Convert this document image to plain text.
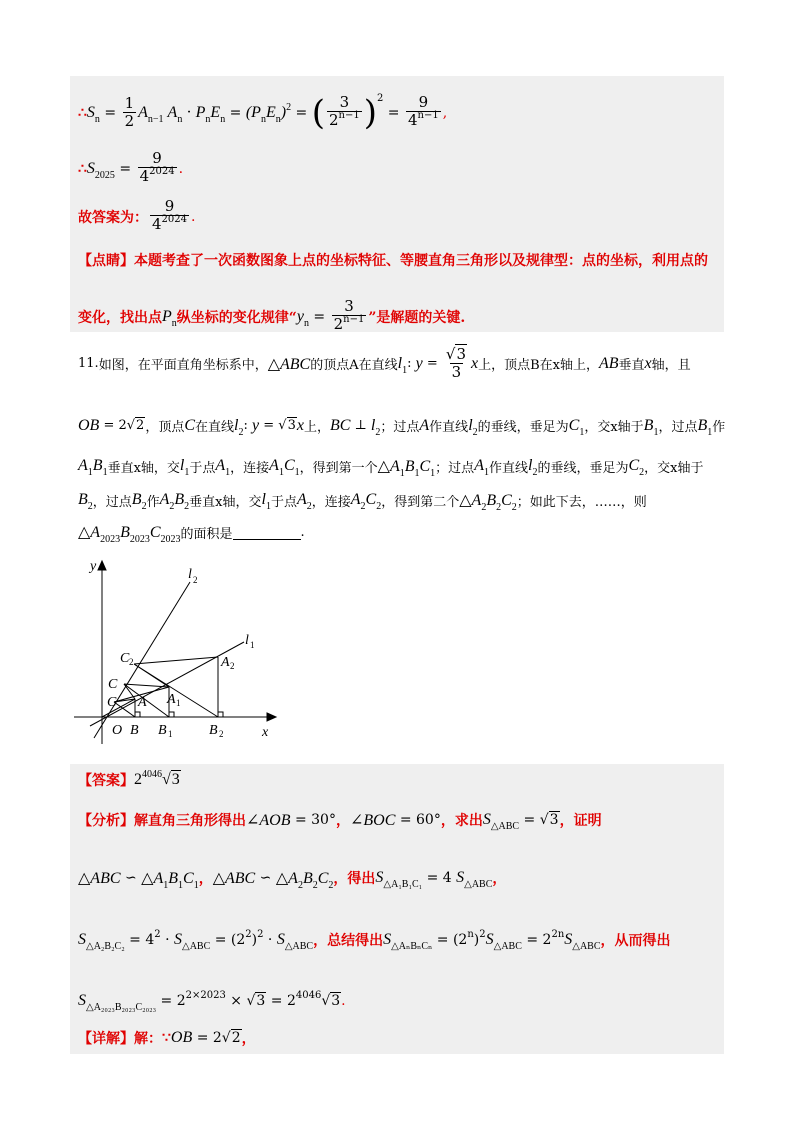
∴ $S_n = \frac{1}{2} A_{n-1}$ $A_n \cdot P_nE_n = (P_nE_n)^2$ = ( $\frac{3}{2^{n-1}}$ ) 2
= $\frac{9}{4^{n-1}}$ ,
∴ $S_{2025} = \frac{9}{4^{2024}}$ .
故答案为： $\frac{9}{4^{2024}}$ .
【点睛】 本题考查了一次函数图象上点的坐标特征、等腰直角三角形以及规律型：点的坐标，利用点的
变化，找出点 $P_n$ 纵坐标的变化规律“ $y_n = \frac{3}{2^{n-1}}$ ”是解题的关键.
11. 如图，在平面直角坐标系中， △ABC 的顶点A在直线 $l_1$ : $y = \frac{√3}{3}$ x 上，顶点B在x轴上， AB 垂直 x 轴，且
OB = 2√2 ，顶点 C 在直线 $l_2$ : y = √3 x 上， BC ⊥ $l_2$ ；过点 A 作直线 $l_2$ 的垂线，垂足为 $C_1$ ，交x轴于 $B_1$ ，过点 $B_1$ 作
$A_1B_1$ 垂直x轴，交 $l_1$ 于点 $A_1$ ，连接 $A_1C_1$ ，得到第一个 $\triangle A_1B_1C_1$ ；过点 $A_1$ 作直线 $l_2$ 的垂线，垂足为 $C_2$ ，交x轴于
$B_2$ ，过点 $B_2$ 作 $A_2B_2$ 垂直x轴，交 $l_1$ 于点 $A_2$ ，连接 $A_2C_2$ ，得到第二个 $\triangle A_2B_2C_2$ ；如此下去，……，则
$\triangle A_{2023}B_{2023}C_{2023}$ 的面积是	.
y
x
O B B 1	B 2
A A 1
A 2
C
C
C 2
l 1
l 2
【答案】 $2^{4046}√3$
【分析】 解直角三角形得出 ∠AOB = 30° ， ∠BOC = 60° ，求出 $S_{\triangle ABC} = √3$ ，证明
△ABC ∽ $\triangle A_1B_1C_1$ ， △ABC ∽ $\triangle A_2B_2C_2$ ，得出 $S_{\triangle A_1B_1C_1} = 4$ $S_{\triangle ABC}$ ，
$S_{\triangle A_2B_2C_2} = 4^2 \cdot S_{\triangle ABC} = (2^2)^2 \cdot S_{\triangle ABC}$ ，总结得出 $S_{\triangle A_nB_nC_n} = (2^n)^2$ $S_{\triangle ABC} = 2^{2n}$ $S_{\triangle ABC}$ ，从而得出
$S_{\triangle A_{2023}B_{2023}C_{2023}} = 2^{2\times 2023} \times √3 = 2^{4046}√3$ .
【详解】 解： ∵ OB = 2√2 ，
